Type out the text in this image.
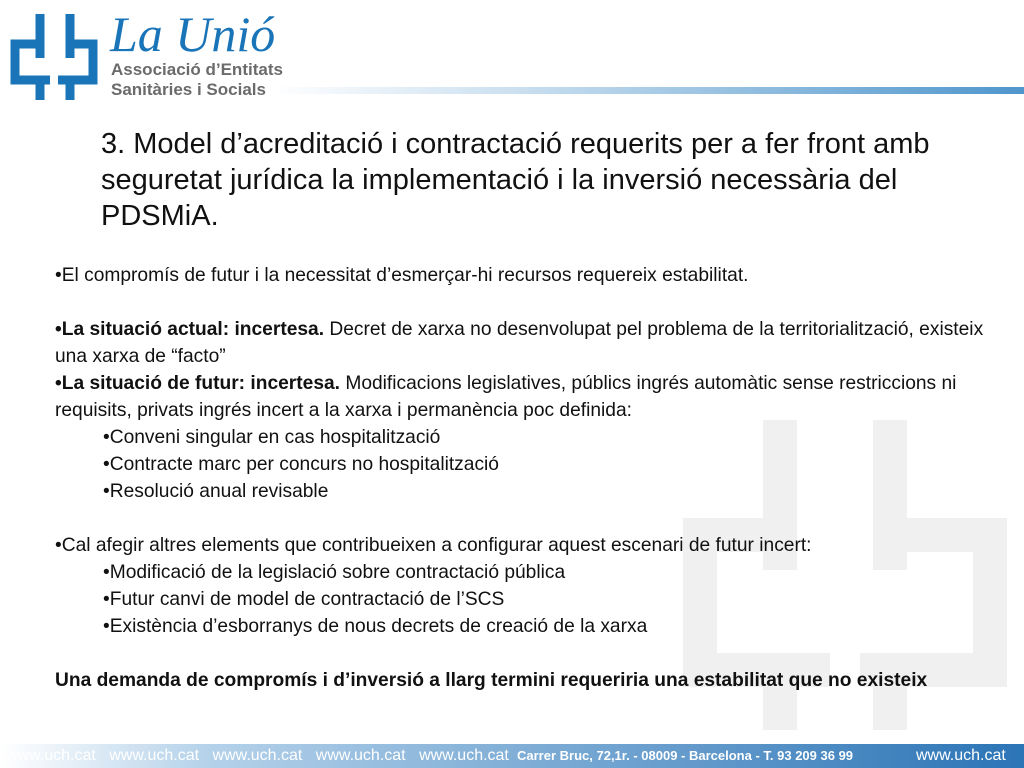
La Unió
Associació d’Entitats
Sanitàries i Socials
3. Model d’acreditació i contractació requerits per a fer front amb seguretat jurídica la implementació i la inversió necessària del PDSMiA.

•El compromís de futur i la necessitat d’esmerçar-hi recursos requereix estabilitat.

•La situació actual: incertesa. Decret de xarxa no desenvolupat pel problema de la territorialització, existeix una xarxa de “facto”

•La situació de futur: incertesa. Modificacions legislatives, públics ingrés automàtic sense restriccions ni requisits, privats ingrés incert a la xarxa i permanència poc definida:

•Conveni singular en cas hospitalització

•Contracte marc per concurs no hospitalització

•Resolució anual revisable

•Cal afegir altres elements que contribueixen a configurar aquest escenari de futur incert:

•Modificació de la legislació sobre contractació pública

•Futur canvi de model de contractació de l’SCS

•Existència d’esborranys de nous decrets de creació de la xarxa

Una demanda de compromís i d’inversió a llarg termini requeriria una estabilitat que no existeix

www.uch.cat www.uch.cat www.uch.cat www.uch.cat www.uch.cat Carrer Bruc, 72,1r. - 08009 - Barcelona - T. 93 209 36 99	www.uch.cat
